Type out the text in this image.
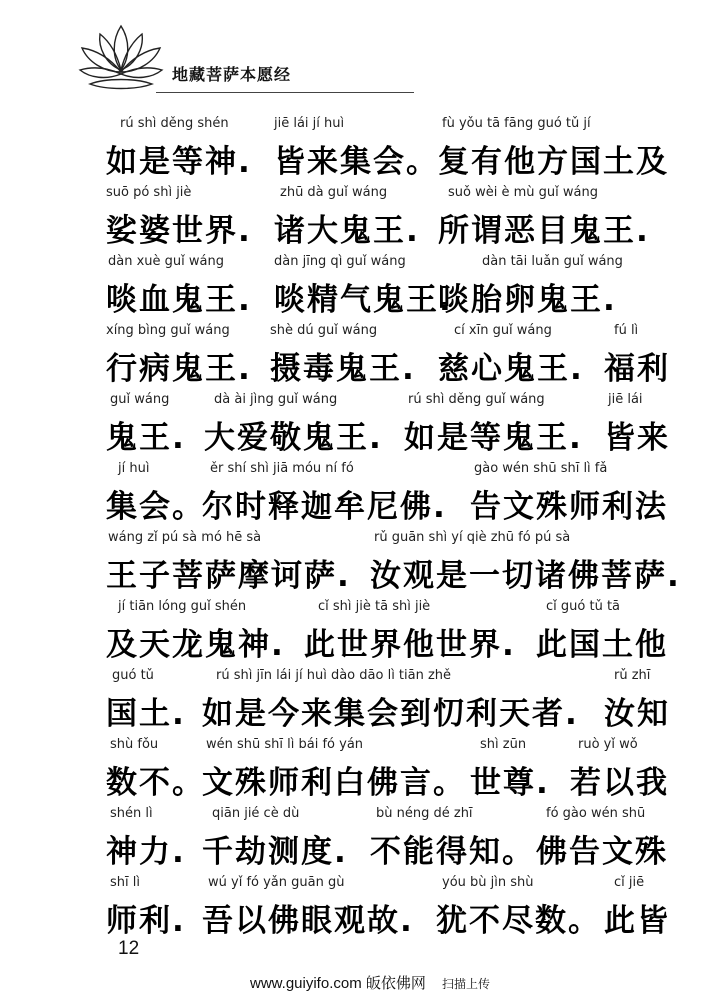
地藏菩萨本愿经
rú shì děng shén
如是等神.
jiē lái jí huì
皆来集会。
fù yǒu tā fāng guó tǔ jí
复有他方国土及
suō pó shì jiè
娑婆世界.
zhū dà guǐ wáng
诸大鬼王.
suǒ wèi è mù guǐ wáng
所谓恶目鬼王.
dàn xuè guǐ wáng
啖血鬼王.
dàn jīng qì guǐ wáng
啖精气鬼王.
dàn tāi luǎn guǐ wáng
啖胎卵鬼王.
xíng bìng guǐ wáng
行病鬼王.
shè dú guǐ wáng
摄毒鬼王.
cí xīn guǐ wáng
慈心鬼王.
fú lì
福利
guǐ wáng
鬼王.
dà ài jìng guǐ wáng
大爱敬鬼王.
rú shì děng guǐ wáng
如是等鬼王.
jiē lái
皆来
jí huì
集会。
ěr shí shì jiā móu ní fó
尔时释迦牟尼佛.
gào wén shū shī lì fǎ
告文殊师利法
wáng zǐ pú sà mó hē sà
王子菩萨摩诃萨.
rǔ guān shì yí qiè zhū fó pú sà
汝观是一切诸佛菩萨.
jí tiān lóng guǐ shén
及天龙鬼神.
cǐ shì jiè tā shì jiè
此世界他世界.
cǐ guó tǔ tā
此国土他
guó tǔ
国土.
rú shì jīn lái jí huì dào dāo lì tiān zhě
如是今来集会到忉利天者.
rǔ zhī
汝知
shù fǒu
数不。
wén shū shī lì bái fó yán
文殊师利白佛言。
shì zūn
世尊.
ruò yǐ wǒ
若以我
shén lì
神力.
qiān jié cè dù
千劫测度.
bù néng dé zhī
不能得知。
fó gào wén shū
佛告文殊
shī lì
师利.
wú yǐ fó yǎn guān gù
吾以佛眼观故.
yóu bù jìn shù
犹不尽数。
cǐ jiē
此皆
12
www.guiyifo.com 皈依佛网 扫描上传
